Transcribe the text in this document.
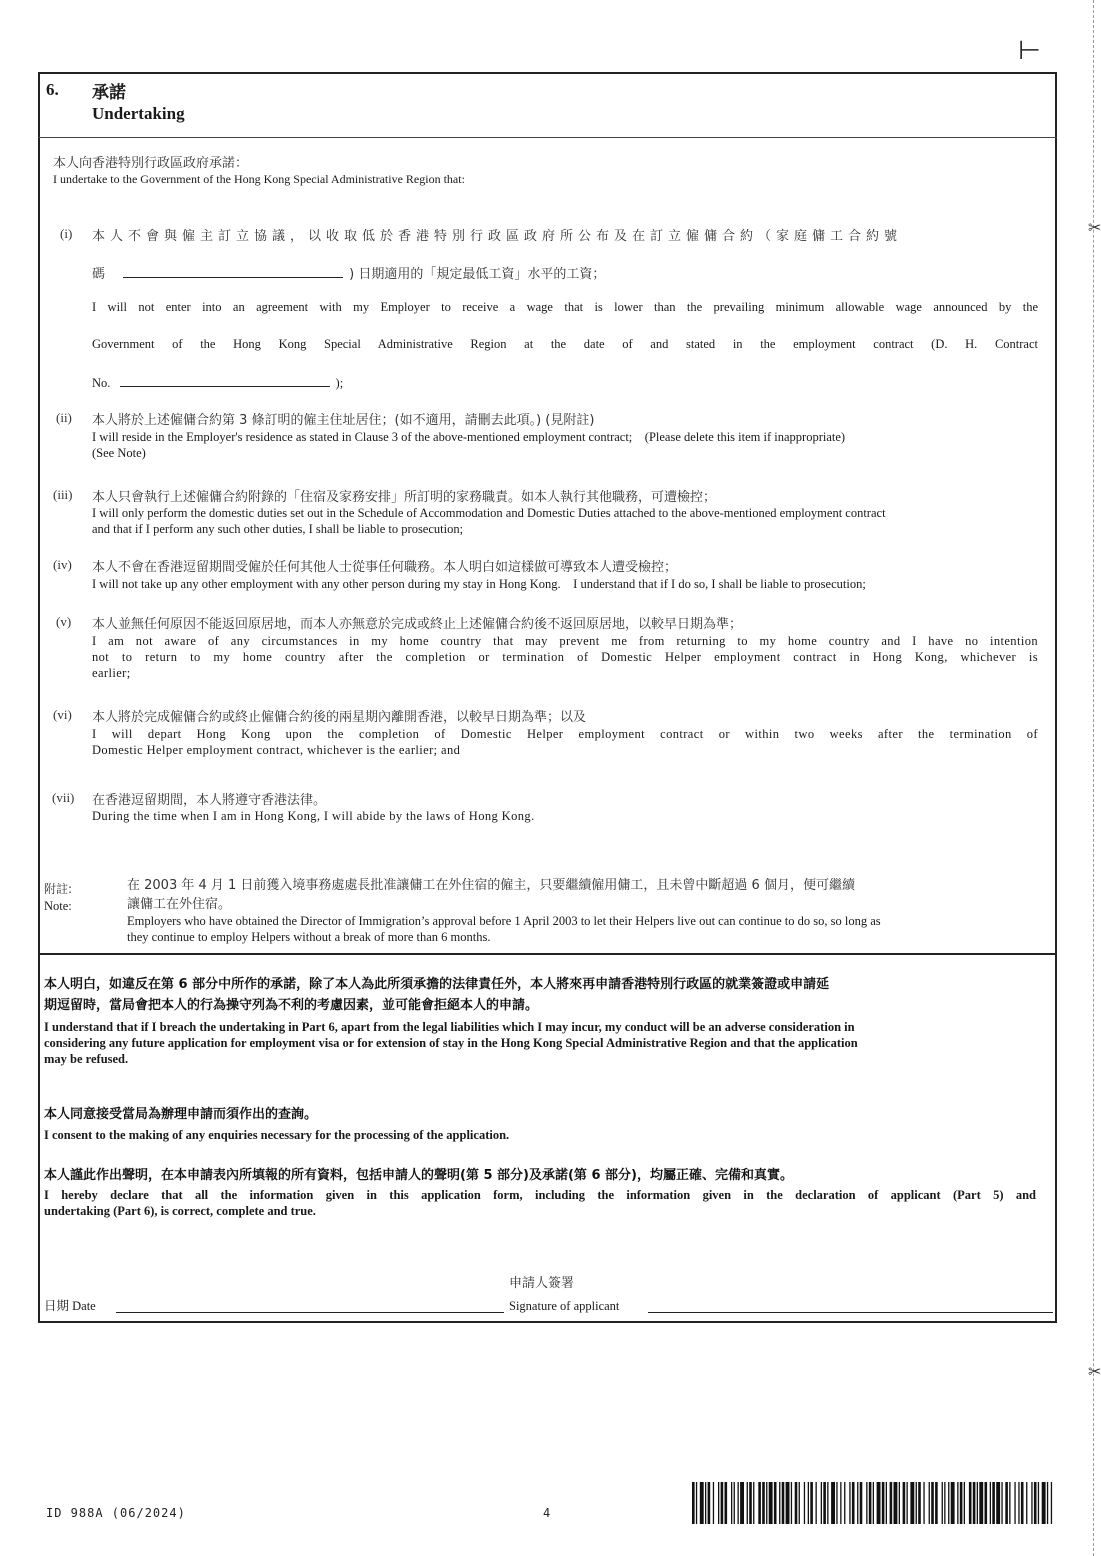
⊢
✂
✂
6. 承諾
Undertaking
本人向香港特別行政區政府承諾：
I undertake to the Government of the Hong Kong Special Administrative Region that:
(i) 本人不會與僱主訂立協議，以收取低於香港特別行政區政府所公布及在訂立僱傭合約（家庭傭工合約號
碼	) 日期適用的「規定最低工資」水平的工資；
I will not enter into an agreement with my Employer to receive a wage that is lower than the prevailing minimum allowable wage announced by the
Government of the Hong Kong Special Administrative Region at the date of and stated in the employment contract (D. H. Contract
No.	);
(ii) 本人將於上述僱傭合約第 3 條訂明的僱主住址居住；(如不適用，請刪去此項。) (見附註)
I will reside in the Employer's residence as stated in Clause 3 of the above-mentioned employment contract;    (Please delete this item if inappropriate)
(See Note)
(iii) 本人只會執行上述僱傭合約附錄的「住宿及家務安排」所訂明的家務職責。如本人執行其他職務，可遭檢控；
I will only perform the domestic duties set out in the Schedule of Accommodation and Domestic Duties attached to the above-mentioned employment contract
and that if I perform any such other duties, I shall be liable to prosecution;
(iv) 本人不會在香港逗留期間受僱於任何其他人士從事任何職務。本人明白如這樣做可導致本人遭受檢控；
I will not take up any other employment with any other person during my stay in Hong Kong.    I understand that if I do so, I shall be liable to prosecution;
(v) 本人並無任何原因不能返回原居地，而本人亦無意於完成或終止上述僱傭合約後不返回原居地，以較早日期為準；
I am not aware of any circumstances in my home country that may prevent me from returning to my home country and I have no intention
not to return to my home country after the completion or termination of Domestic Helper employment contract in Hong Kong, whichever is
earlier;
(vi) 本人將於完成僱傭合約或終止僱傭合約後的兩星期內離開香港，以較早日期為準；以及
I will depart Hong Kong upon the completion of Domestic Helper employment contract or within two weeks after the termination of
Domestic Helper employment contract, whichever is the earlier; and
(vii) 在香港逗留期間，本人將遵守香港法律。
During the time when I am in Hong Kong, I will abide by the laws of Hong Kong.
附註:
Note:
在 2003 年 4 月 1 日前獲入境事務處處長批准讓傭工在外住宿的僱主，只要繼續僱用傭工，且未曾中斷超過 6 個月，便可繼續
讓傭工在外住宿。
Employers who have obtained the Director of Immigration’s approval before 1 April 2003 to let their Helpers live out can continue to do so, so long as
they continue to employ Helpers without a break of more than 6 months.
本人明白，如違反在第 6 部分中所作的承諾，除了本人為此所須承擔的法律責任外，本人將來再申請香港特別行政區的就業簽證或申請延
期逗留時，當局會把本人的行為操守列為不利的考慮因素，並可能會拒絕本人的申請。
I understand that if I breach the undertaking in Part 6, apart from the legal liabilities which I may incur, my conduct will be an adverse consideration in
considering any future application for employment visa or for extension of stay in the Hong Kong Special Administrative Region and that the application
may be refused.
本人同意接受當局為辦理申請而須作出的查詢。
I consent to the making of any enquiries necessary for the processing of the application.
本人謹此作出聲明，在本申請表內所填報的所有資料，包括申請人的聲明(第 5 部分)及承諾(第 6 部分)，均屬正確、完備和真實。
I hereby declare that all the information given in this application form, including the information given in the declaration of applicant (Part 5) and
undertaking (Part 6), is correct, complete and true.
申請人簽署
日期 Date	Signature of applicant
ID 988A (06/2024)	4
